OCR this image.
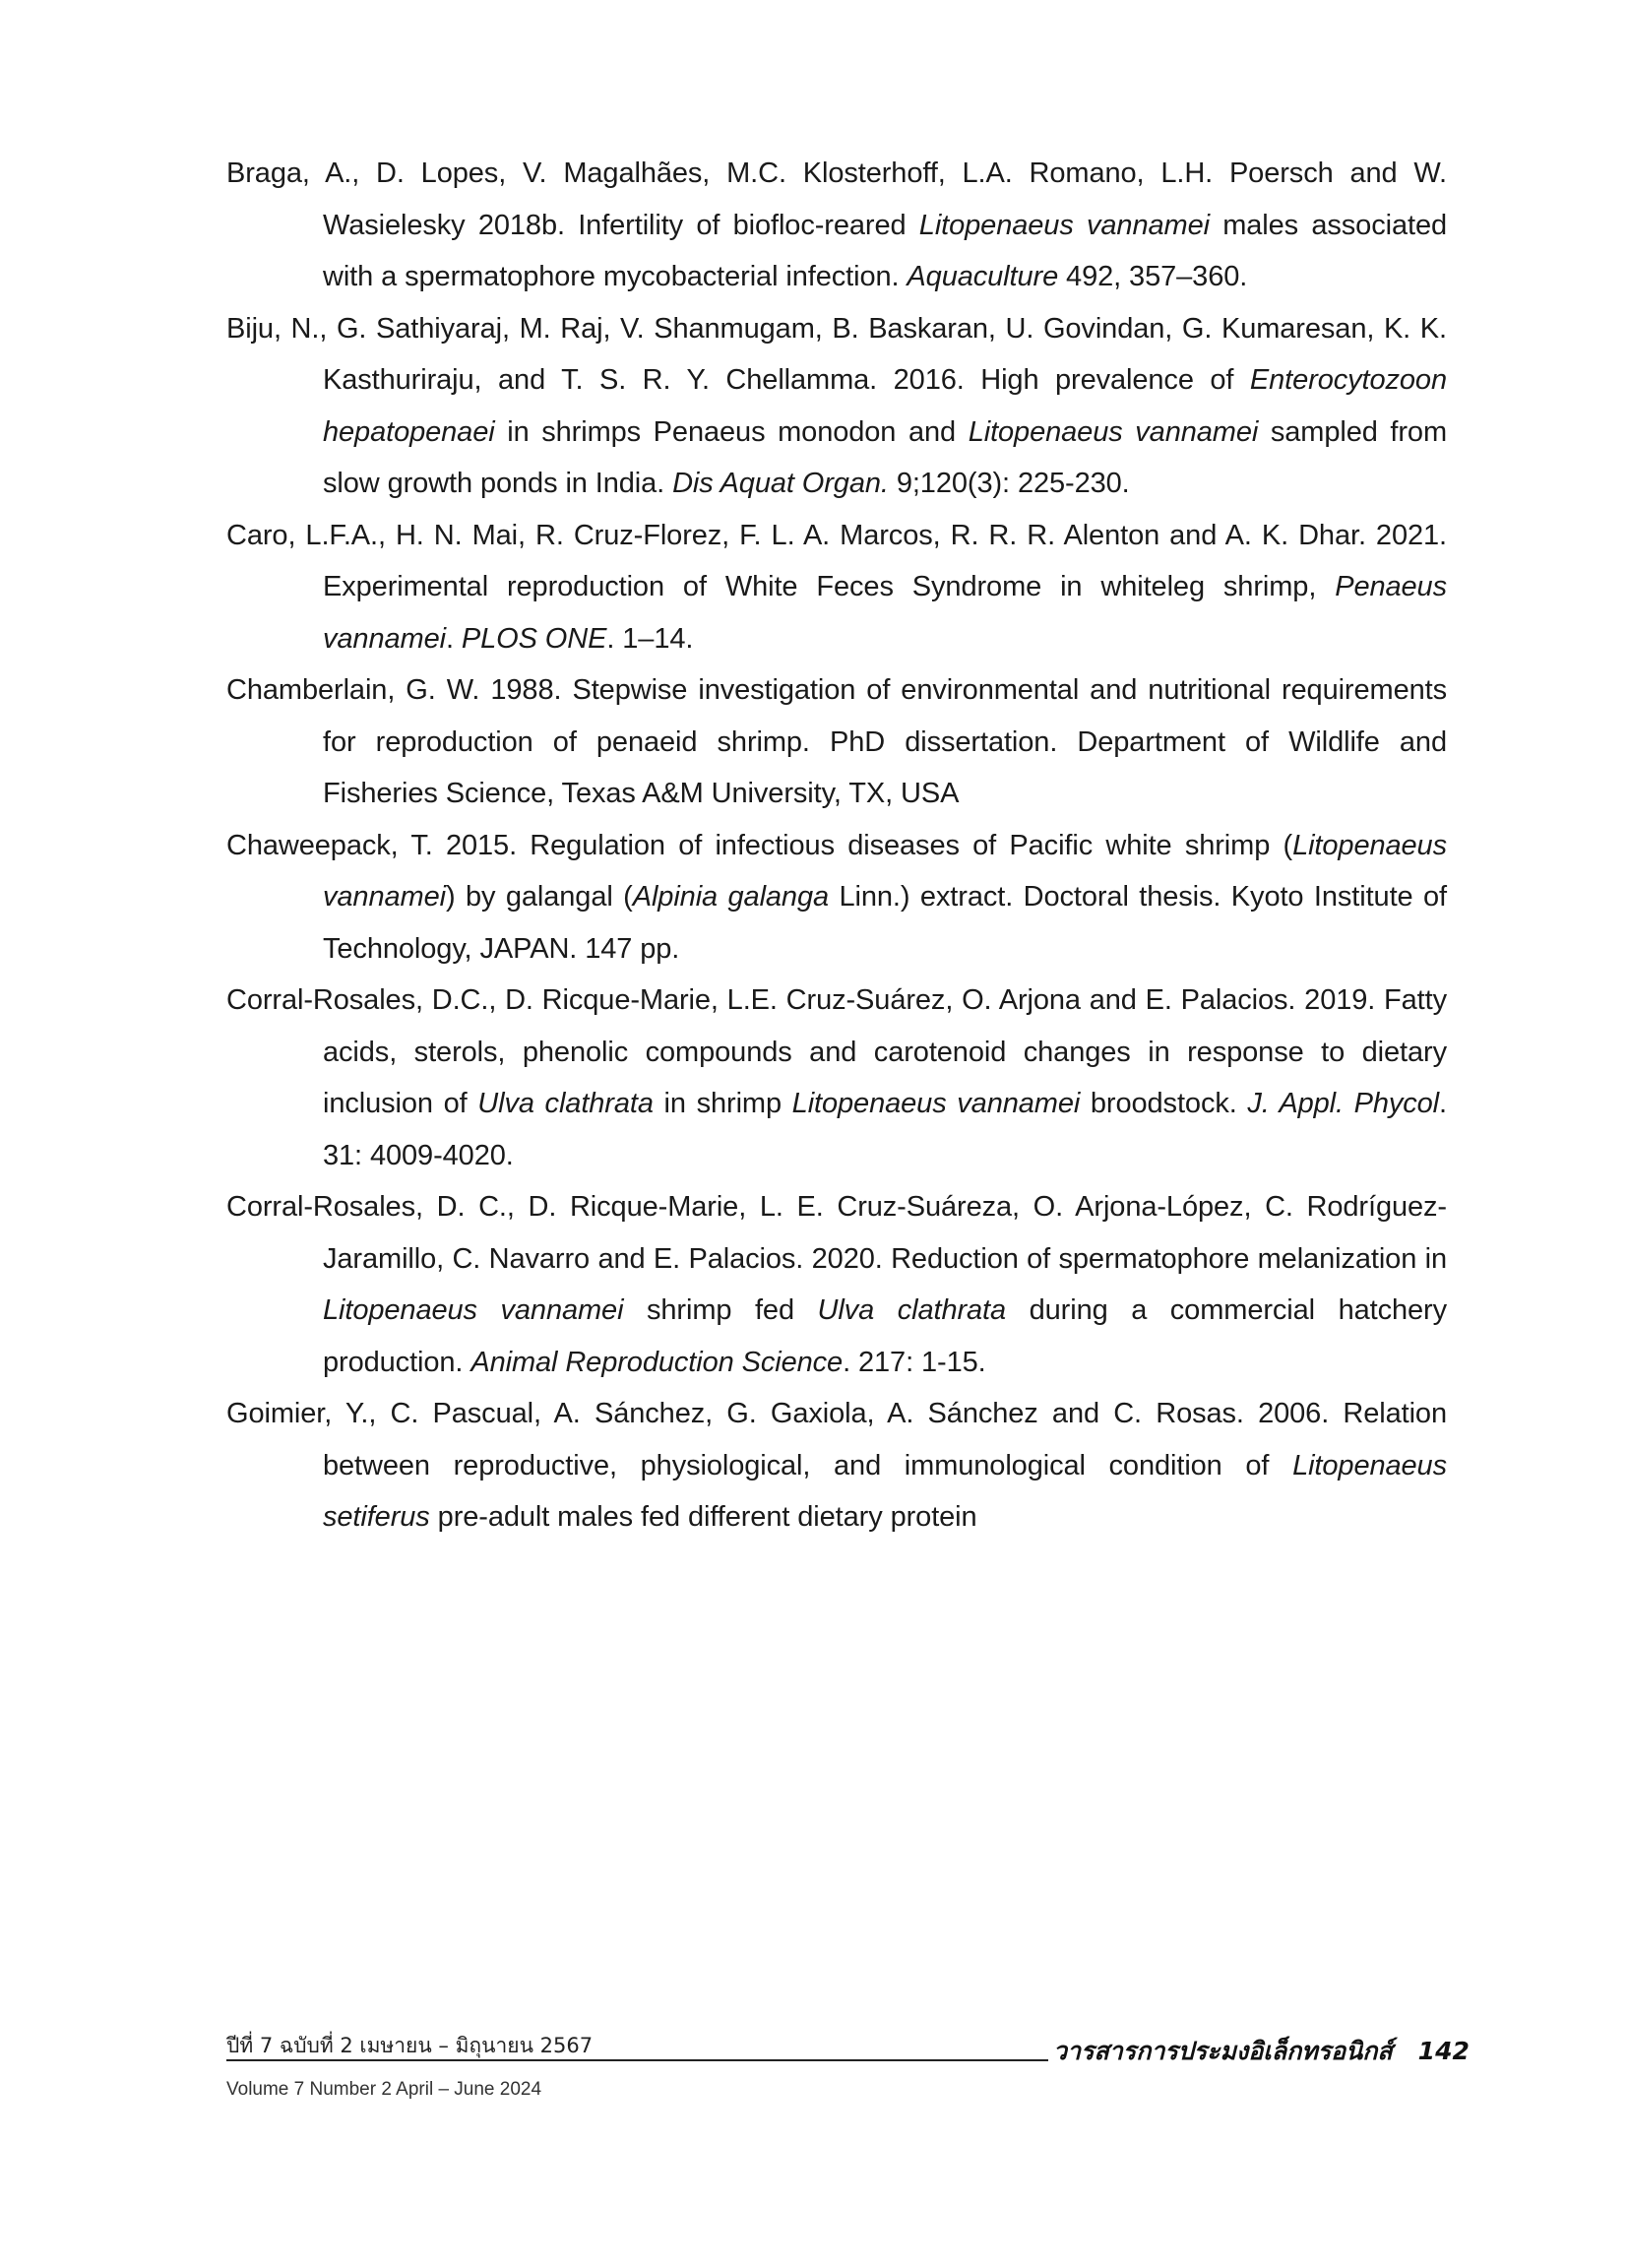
Braga, A., D. Lopes, V. Magalhães, M.C. Klosterhoff, L.A. Romano, L.H. Poersch and W. Wasielesky 2018b. Infertility of biofloc-reared Litopenaeus vannamei males associated with a spermatophore mycobacterial infection. Aquaculture 492, 357–360.

Biju, N., G. Sathiyaraj, M. Raj, V. Shanmugam, B. Baskaran, U. Govindan, G. Kumaresan, K. K. Kasthuriraju, and T. S. R. Y. Chellamma. 2016. High prevalence of Enterocytozoon hepatopenaei in shrimps Penaeus monodon and Litopenaeus vannamei sampled from slow growth ponds in India. Dis Aquat Organ. 9;120(3): 225-230.

Caro, L.F.A., H. N. Mai, R. Cruz-Florez, F. L. A. Marcos, R. R. R. Alenton and A. K. Dhar. 2021. Experimental reproduction of White Feces Syndrome in whiteleg shrimp, Penaeus vannamei. PLOS ONE. 1–14.

Chamberlain, G. W. 1988. Stepwise investigation of environmental and nutritional requirements for reproduction of penaeid shrimp. PhD dissertation. Department of Wildlife and Fisheries Science, Texas A&M University, TX, USA

Chaweepack, T. 2015. Regulation of infectious diseases of Pacific white shrimp (Litopenaeus vannamei) by galangal (Alpinia galanga Linn.) extract. Doctoral thesis. Kyoto Institute of Technology, JAPAN. 147 pp.

Corral-Rosales, D.C., D. Ricque-Marie, L.E. Cruz-Suárez, O. Arjona and E. Palacios. 2019. Fatty acids, sterols, phenolic compounds and carotenoid changes in response to dietary inclusion of Ulva clathrata in shrimp Litopenaeus vannamei broodstock. J. Appl. Phycol. 31: 4009-4020.

Corral-Rosales, D. C., D. Ricque-Marie, L. E. Cruz-Suáreza, O. Arjona-López, C. Rodríguez-Jaramillo, C. Navarro and E. Palacios. 2020. Reduction of spermatophore melanization in Litopenaeus vannamei shrimp fed Ulva clathrata during a commercial hatchery production. Animal Reproduction Science. 217: 1-15.

Goimier, Y., C. Pascual, A. Sánchez, G. Gaxiola, A. Sánchez and C. Rosas. 2006. Relation between reproductive, physiological, and immunological condition of Litopenaeus setiferus pre-adult males fed different dietary protein

ปีที่ 7 ฉบับที่ 2 เมษายน – มิถุนายน 2567	วารสารการประมงอิเล็กทรอนิกส์ 142
Volume 7 Number 2 April – June 2024
